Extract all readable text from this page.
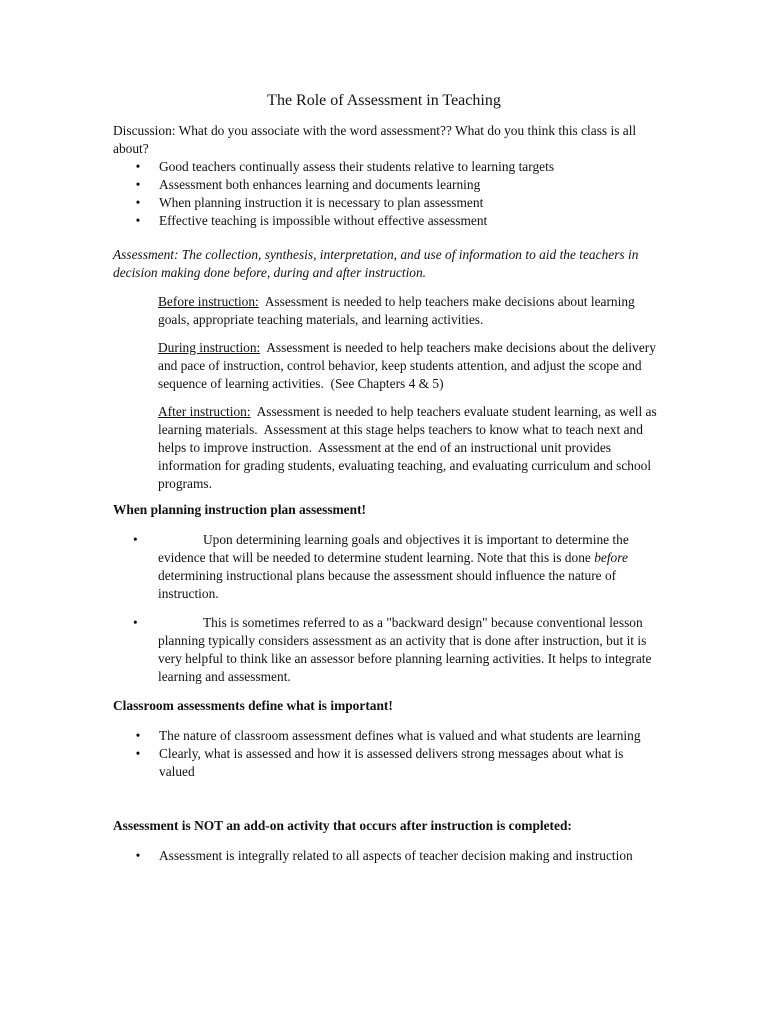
The Role of Assessment in Teaching
Discussion: What do you associate with the word assessment?? What do you think this class is all about?
• Good teachers continually assess their students relative to learning targets
• Assessment both enhances learning and documents learning
• When planning instruction it is necessary to plan assessment
• Effective teaching is impossible without effective assessment
Assessment: The collection, synthesis, interpretation, and use of information to aid the teachers in decision making done before, during and after instruction.
Before instruction:  Assessment is needed to help teachers make decisions about learning goals, appropriate teaching materials, and learning activities.
During instruction:  Assessment is needed to help teachers make decisions about the delivery and pace of instruction, control behavior, keep students attention, and adjust the scope and sequence of learning activities.  (See Chapters 4 & 5)
After instruction:  Assessment is needed to help teachers evaluate student learning, as well as learning materials.  Assessment at this stage helps teachers to know what to teach next and helps to improve instruction.  Assessment at the end of an instructional unit provides information for grading students, evaluating teaching, and evaluating curriculum and school programs.
When planning instruction plan assessment!
•	Upon determining learning goals and objectives it is important to determine the evidence that will be needed to determine student learning. Note that this is done before determining instructional plans because the assessment should influence the nature of instruction.
•	This is sometimes referred to as a "backward design" because conventional lesson planning typically considers assessment as an activity that is done after instruction, but it is very helpful to think like an assessor before planning learning activities. It helps to integrate learning and assessment.
Classroom assessments define what is important!
• The nature of classroom assessment defines what is valued and what students are learning
• Clearly, what is assessed and how it is assessed delivers strong messages about what is valued
Assessment is NOT an add-on activity that occurs after instruction is completed:
• Assessment is integrally related to all aspects of teacher decision making and instruction
